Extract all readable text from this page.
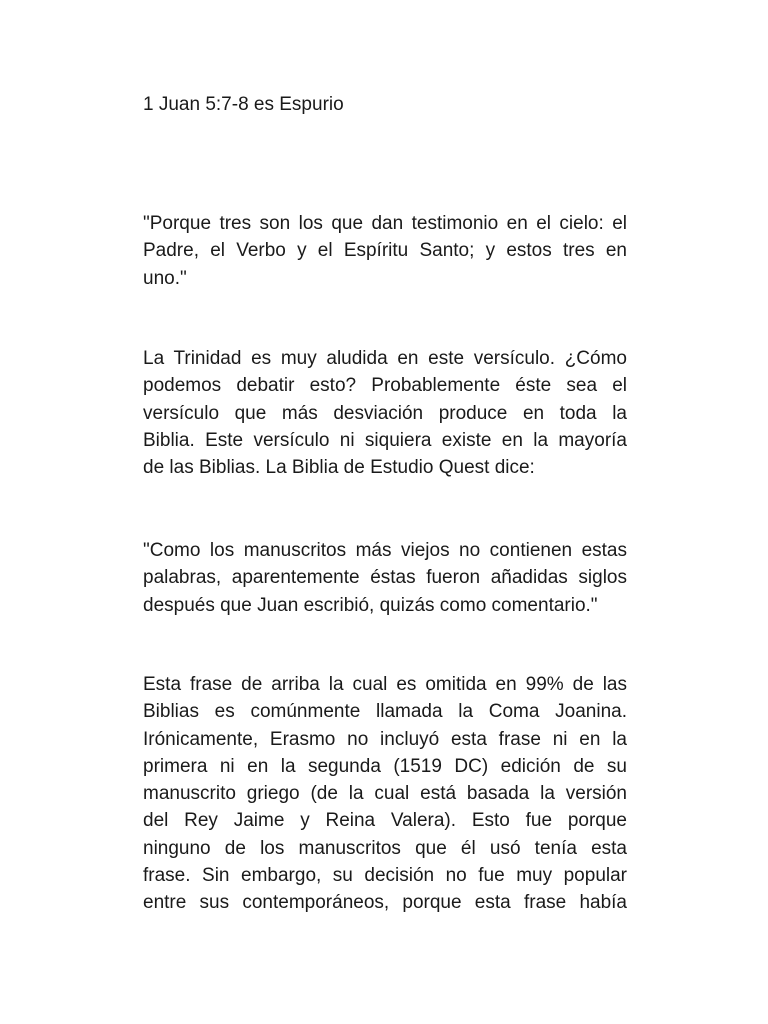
1 Juan 5:7-8 es Espurio
"Porque tres son los que dan testimonio en el cielo: el
Padre, el Verbo y el Espíritu Santo; y estos tres en
uno."
La Trinidad es muy aludida en este versículo. ¿Cómo
podemos debatir esto? Probablemente éste sea el
versículo que más desviación produce en toda la
Biblia. Este versículo ni siquiera existe en la mayoría
de las Biblias. La Biblia de Estudio Quest dice:
"Como los manuscritos más viejos no contienen estas
palabras, aparentemente éstas fueron añadidas siglos
después que Juan escribió, quizás como comentario."
Esta frase de arriba la cual es omitida en 99% de las
Biblias es comúnmente llamada la Coma Joanina.
Irónicamente, Erasmo no incluyó esta frase ni en la
primera ni en la segunda (1519 DC) edición de su
manuscrito griego (de la cual está basada la versión
del Rey Jaime y Reina Valera). Esto fue porque
ninguno de los manuscritos que él usó tenía esta
frase. Sin embargo, su decisión no fue muy popular
entre sus contemporáneos, porque esta frase había
